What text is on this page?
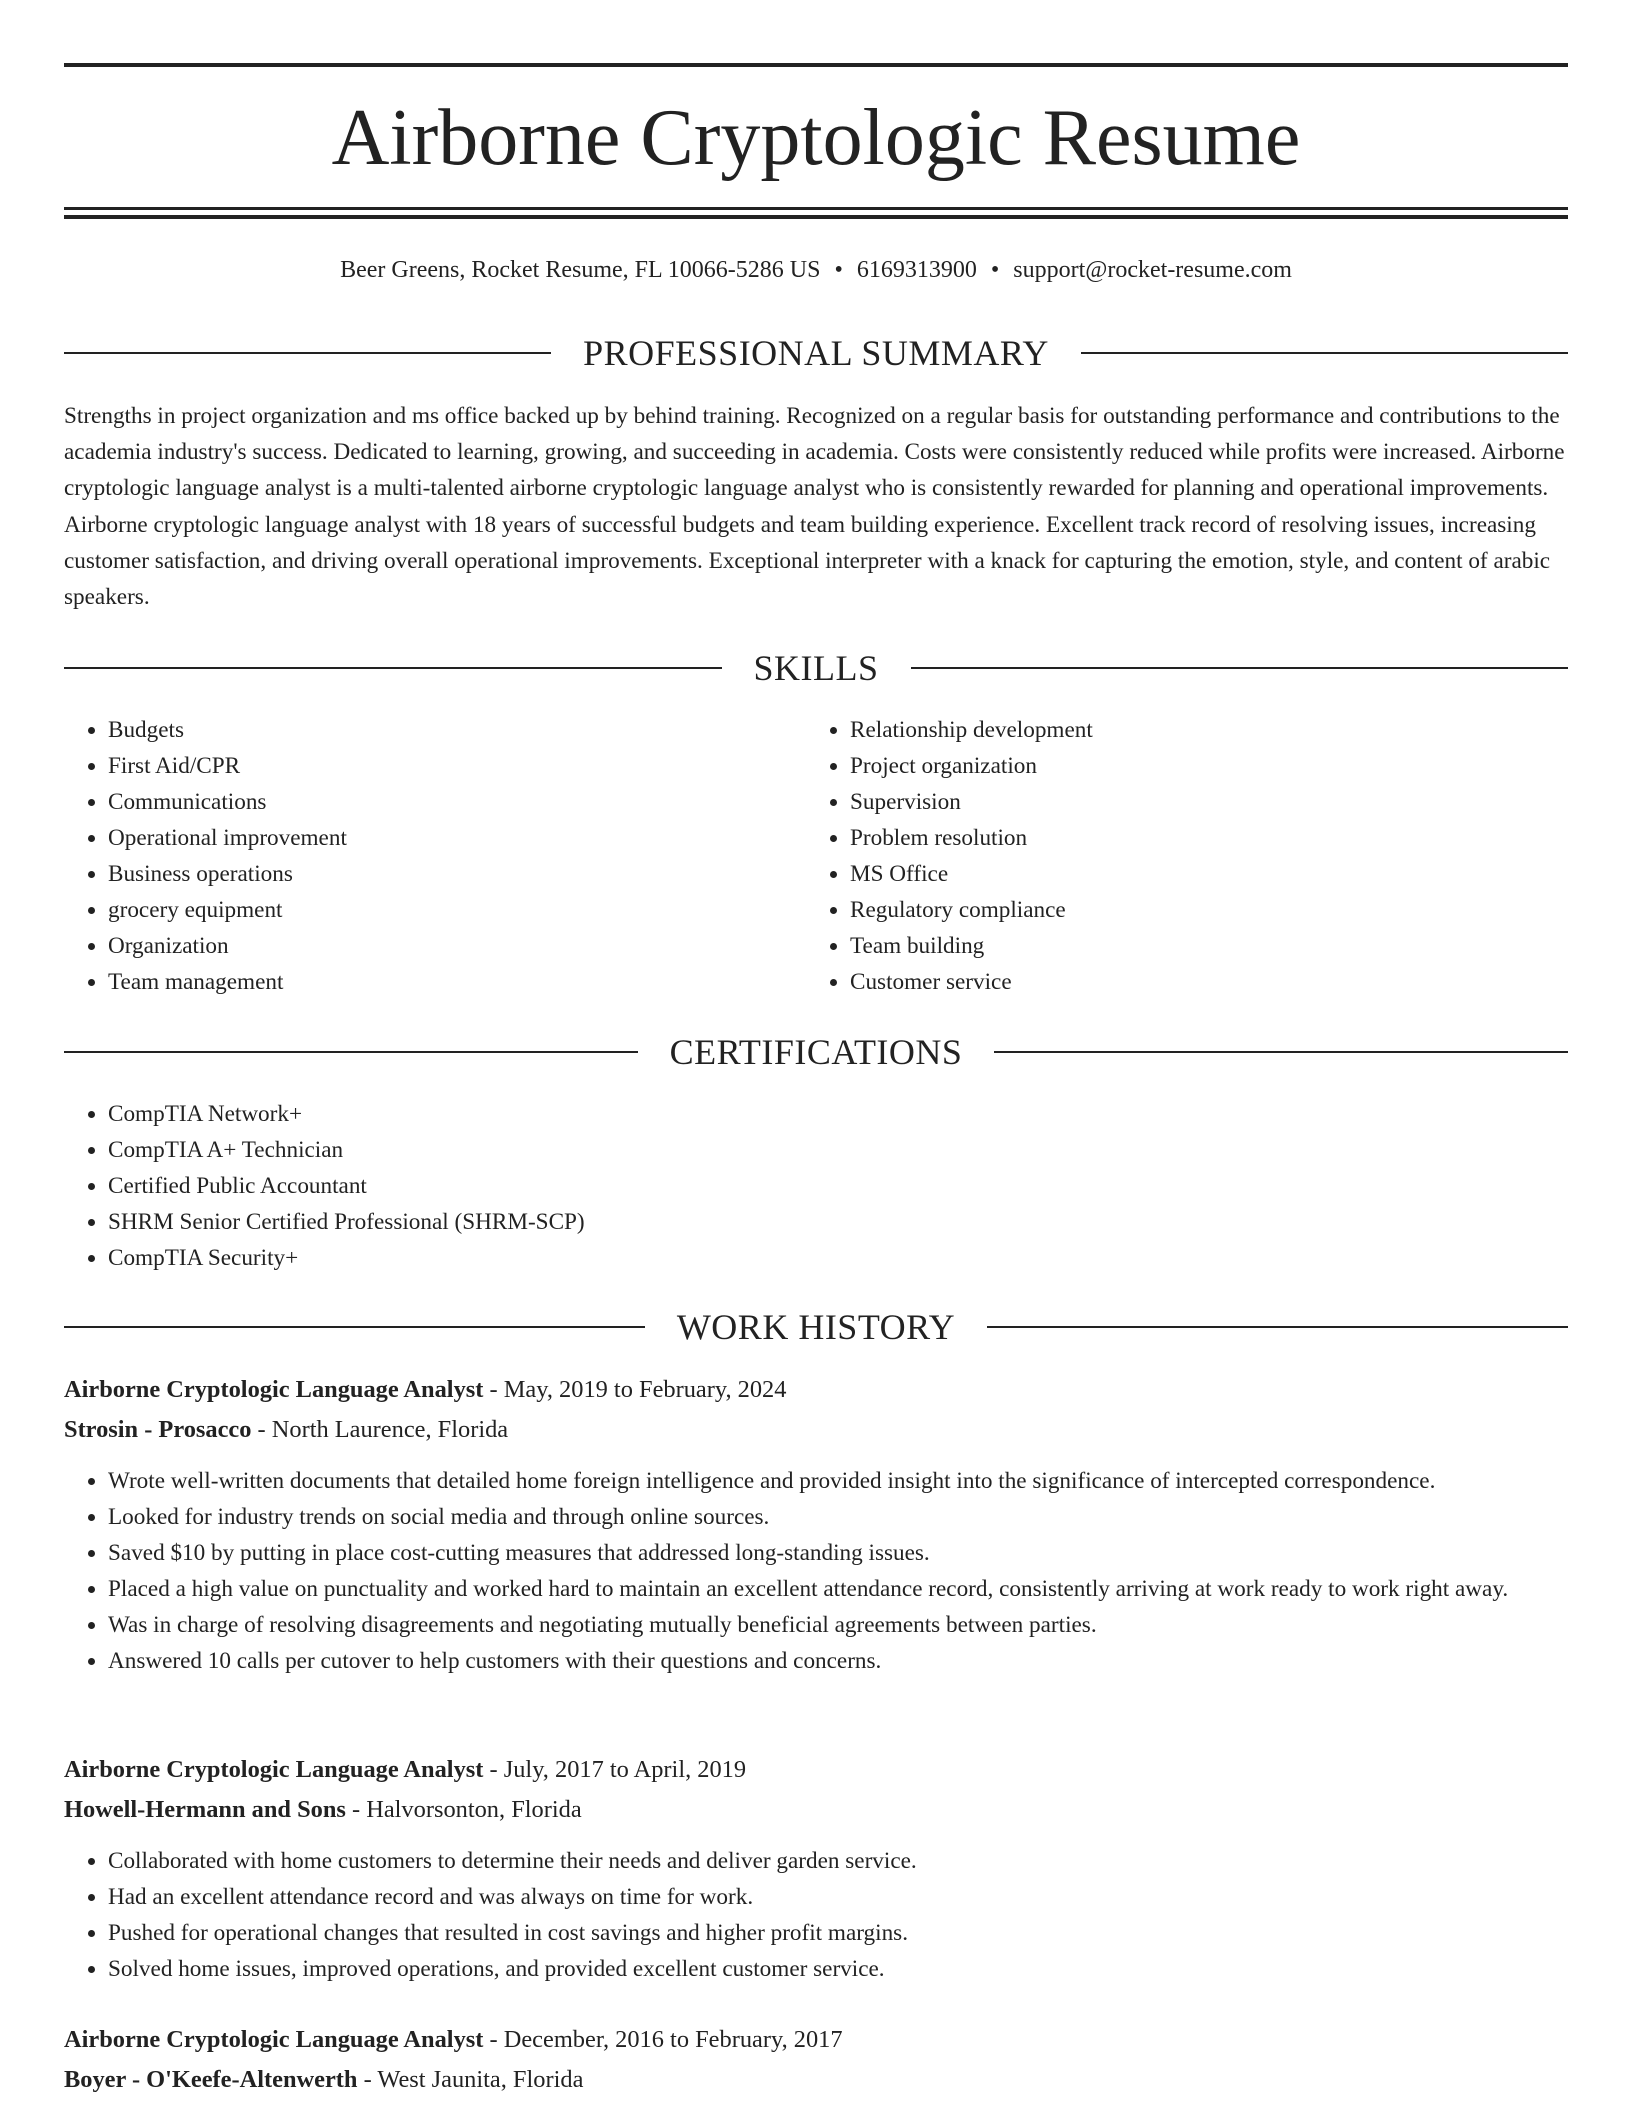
Airborne Cryptologic Resume
Beer Greens, Rocket Resume, FL 10066-5286 US • 6169313900 • support@rocket-resume.com
PROFESSIONAL SUMMARY

Strengths in project organization and ms office backed up by behind training. Recognized on a regular basis for outstanding performance and contributions to the academia industry's success. Dedicated to learning, growing, and succeeding in academia. Costs were consistently reduced while profits were increased. Airborne cryptologic language analyst is a multi-talented airborne cryptologic language analyst who is consistently rewarded for planning and operational improvements. Airborne cryptologic language analyst with 18 years of successful budgets and team building experience. Excellent track record of resolving issues, increasing customer satisfaction, and driving overall operational improvements. Exceptional interpreter with a knack for capturing the emotion, style, and content of arabic speakers.

SKILLS
• Budgets
• First Aid/CPR
• Communications
• Operational improvement
• Business operations
• grocery equipment
• Organization
• Team management
• Relationship development
• Project organization
• Supervision
• Problem resolution
• MS Office
• Regulatory compliance
• Team building
• Customer service
CERTIFICATIONS
• CompTIA Network+
• CompTIA A+ Technician
• Certified Public Accountant
• SHRM Senior Certified Professional (SHRM-SCP)
• CompTIA Security+
WORK HISTORY
Airborne Cryptologic Language Analyst - May, 2019 to February, 2024
Strosin - Prosacco - North Laurence, Florida
• Wrote well-written documents that detailed home foreign intelligence and provided insight into the significance of intercepted correspondence.
• Looked for industry trends on social media and through online sources.
• Saved $10 by putting in place cost-cutting measures that addressed long-standing issues.
• Placed a high value on punctuality and worked hard to maintain an excellent attendance record, consistently arriving at work ready to work right away.
• Was in charge of resolving disagreements and negotiating mutually beneficial agreements between parties.
• Answered 10 calls per cutover to help customers with their questions and concerns.
Airborne Cryptologic Language Analyst - July, 2017 to April, 2019
Howell-Hermann and Sons - Halvorsonton, Florida
• Collaborated with home customers to determine their needs and deliver garden service.
• Had an excellent attendance record and was always on time for work.
• Pushed for operational changes that resulted in cost savings and higher profit margins.
• Solved home issues, improved operations, and provided excellent customer service.
Airborne Cryptologic Language Analyst - December, 2016 to February, 2017
Boyer - O'Keefe-Altenwerth - West Jaunita, Florida
